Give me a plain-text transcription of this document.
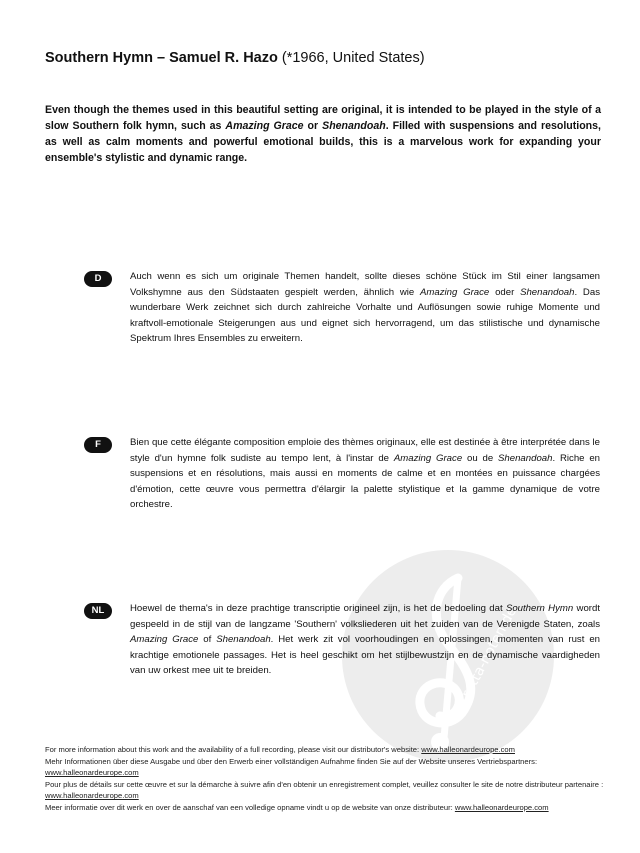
stretta-noten.de
Southern Hymn – Samuel R. Hazo (*1966, United States)
Even though the themes used in this beautiful setting are original, it is intended to be played in the style of a slow Southern folk hymn, such as Amazing Grace or Shenandoah. Filled with suspensions and resolutions, as well as calm moments and powerful emotional builds, this is a marvelous work for expanding your ensemble's stylistic and dynamic range.
D	Auch wenn es sich um originale Themen handelt, sollte dieses schöne Stück im Stil einer langsamen Volkshymne aus den Südstaaten gespielt werden, ähnlich wie Amazing Grace oder Shenandoah. Das wunderbare Werk zeichnet sich durch zahlreiche Vorhalte und Auflösungen sowie ruhige Momente und kraftvoll-emotionale Steigerungen aus und eignet sich hervorragend, um das stilistische und dynamische Spektrum Ihres Ensembles zu erweitern.

F	Bien que cette élégante composition emploie des thèmes originaux, elle est destinée à être interprétée dans le style d'un hymne folk sudiste au tempo lent, à l'instar de Amazing Grace ou de Shenandoah. Riche en suspensions et en résolutions, mais aussi en moments de calme et en montées en puissance chargées d'émotion, cette œuvre vous permettra d'élargir la palette stylistique et la gamme dynamique de votre orchestre.

NL	Hoewel de thema's in deze prachtige transcriptie origineel zijn, is het de bedoeling dat Southern Hymn wordt gespeeld in de stijl van de langzame 'Southern' volksliederen uit het zuiden van de Verenigde Staten, zoals Amazing Grace of Shenandoah. Het werk zit vol voorhoudingen en oplossingen, momenten van rust en krachtige emotionele passages. Het is heel geschikt om het stijlbewustzijn en de dynamische vaardigheden van uw orkest mee uit te breiden.

For more information about this work and the availability of a full recording, please visit our distributor's website: www.halleonardeurope.com
Mehr Informationen über diese Ausgabe und über den Erwerb einer vollständigen Aufnahme finden Sie auf der Website unseres Vertriebspartners:
www.halleonardeurope.com
Pour plus de détails sur cette œuvre et sur la démarche à suivre afin d'en obtenir un enregistrement complet, veuillez consulter le site de notre distributeur partenaire : www.halleonardeurope.com
Meer informatie over dit werk en over de aanschaf van een volledige opname vindt u op de website van onze distributeur: www.halleonardeurope.com
